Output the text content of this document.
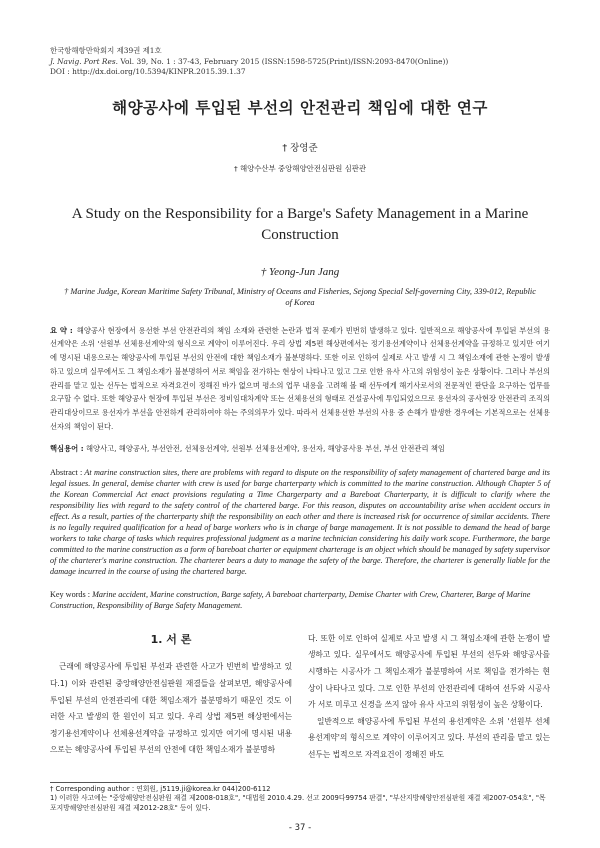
한국항해항만학회지 제39권 제1호
J. Navig. Port Res. Vol. 39, No. 1 : 37-43, February 2015 (ISSN:1598-5725(Print)/ISSN:2093-8470(Online))
DOI : http://dx.doi.org/10.5394/KINPR.2015.39.1.37
해양공사에 투입된 부선의 안전관리 책임에 대한 연구
† 장영준
† 해양수산부 중앙해양안전심판원 심판관
A Study on the Responsibility for a Barge's Safety Management in a Marine Construction
† Yeong-Jun Jang
† Marine Judge, Korean Maritime Safety Tribunal, Ministry of Oceans and Fisheries, Sejong Special Self-governing City, 339-012, Republic of Korea
요 약 : 해양공사 현장에서 용선한 부선 안전관리의 책임 소재와 관련한 논란과 법적 문제가 빈번히 발생하고 있다. 일반적으로 해양공사에 투입된 부선의 용선계약은 소위 '선원부 선체용선계약'의 형식으로 계약이 이루어진다. 우리 상법 제5편 해상편에서는 정기용선계약이나 선체용선계약을 규정하고 있지만 여기에 명시된 내용으로는 해양공사에 투입된 부선의 안전에 대한 책임소재가 불분명하다. 또한 이로 인하여 실제로 사고 발생 시 그 책임소재에 관한 논쟁이 발생하고 있으며 실무에서도 그 책임소재가 불분명하여 서로 책임을 전가하는 현상이 나타나고 있고 그로 인한 유사 사고의 위험성이 높은 상황이다. 그러나 부선의 관리를 맡고 있는 선두는 법적으로 자격요건이 정해진 바가 없으며 평소의 업무 내용을 고려해 볼 때 선두에게 해기사로서의 전문적인 판단을 요구하는 업무를 요구할 수 없다. 또한 해양공사 현장에 투입된 부선은 정비임대차계약 또는 선체용선의 형태로 건설공사에 투입되었으므로 용선자의 공사현장 안전관리 조직의 관리대상이므로 용선자가 부선을 안전하게 관리하여야 하는 주의의무가 있다. 따라서 선체용선한 부선의 사용 중 손해가 발생한 경우에는 기본적으로는 선체용선자의 책임이 된다.
핵심용어 : 해양사고, 해양공사, 부선안전, 선체용선계약, 선원부 선체용선계약, 용선자, 해양공사용 부선, 부선 안전관리 책임
Abstract : At marine construction sites, there are problems with regard to dispute on the responsibility of safety management of chartered barge and its legal issues. In general, demise charter with crew is used for barge charterparty which is committed to the marine construction. Although Chapter 5 of the Korean Commercial Act enact provisions regulating a Time Chargerparty and a Bareboat Charterparty, it is difficult to clarify where the responsibility lies with regard to the safety control of the chartered barge. For this reason, disputes on accountability arise when accident occurs in effect. As a result, parties of the charterparty shift the responsibility on each other and there is increased risk for occurrence of similar accidents. There is no legally required qualification for a head of barge workers who is in charge of barge management. It is not possible to demand the head of barge workers to take charge of tasks which requires professional judgment as a marine technician considering his daily work scope. Furthermore, the barge committed to the marine construction as a form of bareboat charter or equipment charterage is an object which should be managed by safety supervisor of the charterer's marine construction. The charterer bears a duty to manage the safety of the barge. Therefore, the charterer is generally liable for the damage incurred in the course of using the chartered barge.
Key words : Marine accident, Marine construction, Barge safety, A bareboat charterparty, Demise Charter with Crew, Charterer, Barge of Marine Construction, Responsibility of Barge Safety Management.
1. 서 론
근래에 해양공사에 투입된 부선과 관련한 사고가 빈번히 발생하고 있다.1) 이와 관련된 중앙해양안전심판원 재결들을 살펴보면, 해양공사에 투입된 부선의 안전관리에 대한 책임소재가 불분명하기 때문인 것도 이러한 사고 발생의 한 원인이 되고 있다. 우리 상법 제5편 해상편에서는 정기용선계약이나 선체용선계약을 규정하고 있지만 여기에 명시된 내용으로는 해양공사에 투입된 부선의 안전에 대한 책임소재가 불분명하
다. 또한 이로 인하여 실제로 사고 발생 시 그 책임소재에 관한 논쟁이 발생하고 있다. 실무에서도 해양공사에 투입된 부선의 선두와 해양공사를 시행하는 시공사가 그 책임소재가 불분명하여 서로 책임을 전가하는 현상이 나타나고 있다. 그로 인한 부선의 안전관리에 대하여 선두와 시공사가 서로 미루고 신경을 쓰지 않아 유사 사고의 위험성이 높은 상황이다.
일반적으로 해양공사에 투입된 부선의 용선계약은 소위 '선원부 선체용선계약'의 형식으로 계약이 이루어지고 있다. 부선의 관리를 맡고 있는 선두는 법적으로 자격요건이 정해진 바도
† Corresponding author : 연회원, j5119.ji@korea.kr 044)200-6112
1) 이러한 사고에는 "중앙해양안전심판원 재결 제2008-018호", "대법원 2010.4.29. 선고 2009다99754 판결", "부산지방해양안전심판원 재결 제2007-054호", "목포지방해양안전심판원 재결 제2012-28호" 등이 있다.
- 37 -
